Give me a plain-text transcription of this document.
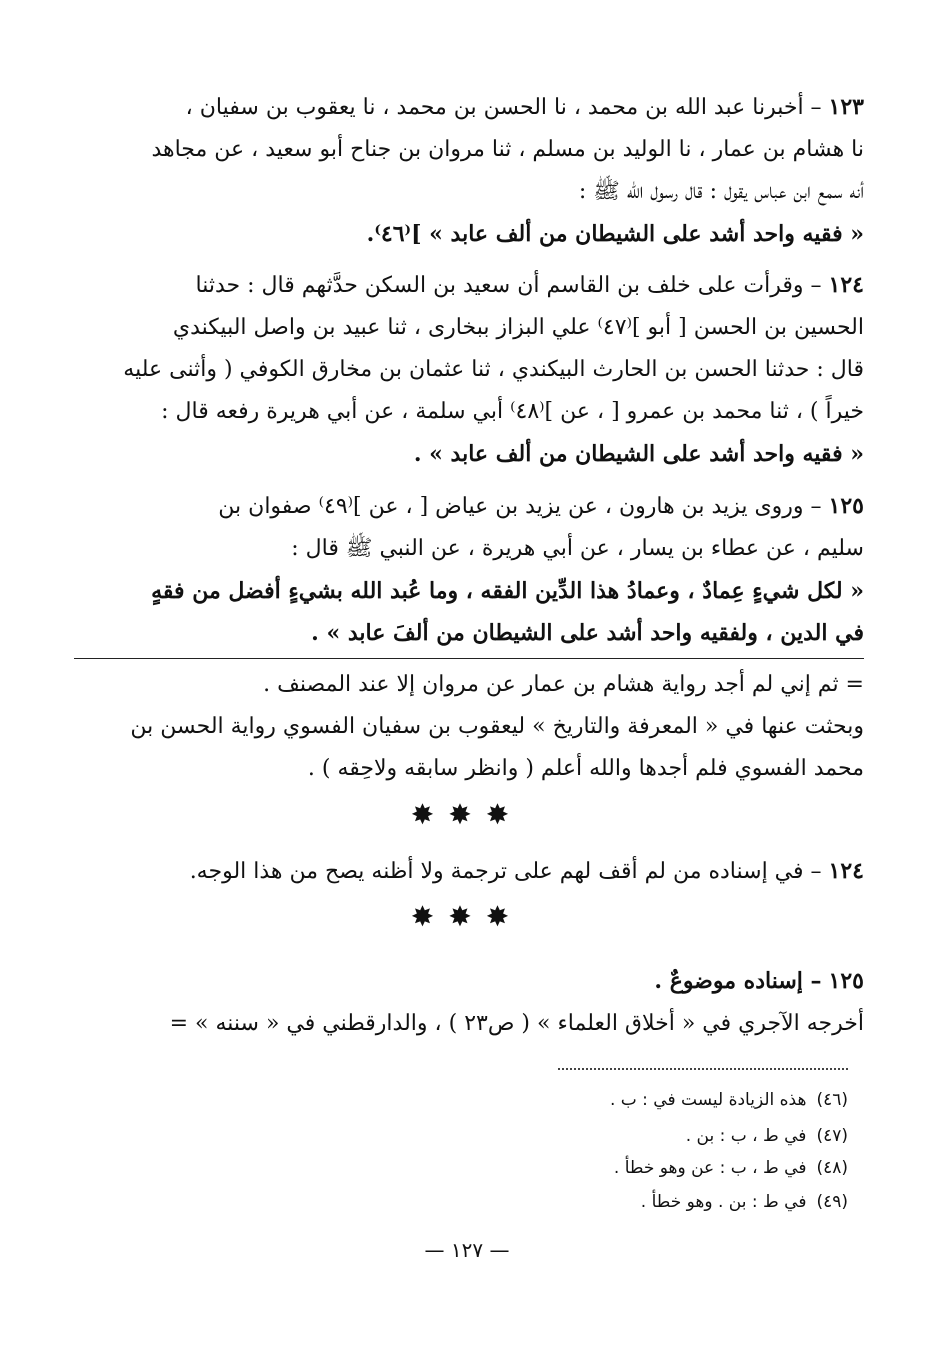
١٢٣ – أخبرنا عبد الله بن محمد ، نا الحسن بن محمد ، نا يعقوب بن سفيان ،
نا هشام بن عمار ، نا الوليد بن مسلم ، ثنا مروان بن جناح أبو سعيد ، عن مجاهد
أنه سمع ابن عباس يقول : قال رسول الله ﷺ :
« فقيه واحد أشد على الشيطان من ألف عابد » ]⁽٤٦⁾.
١٢٤ – وقرأت على خلف بن القاسم أن سعيد بن السكن حدَّثهم قال : حدثنا
الحسين بن الحسن [ أبو ]⁽٤٧⁾ علي البزاز ببخارى ، ثنا عبيد بن واصل البيكندي
قال : حدثنا الحسن بن الحارث البيكندي ، ثنا عثمان بن مخارق الكوفي ( وأثنى عليه
خيراً ) ، ثنا محمد بن عمرو [ ، عن ]⁽٤٨⁾ أبي سلمة ، عن أبي هريرة رفعه قال :
« فقيه واحد أشد على الشيطان من ألف عابد » .
١٢٥ – وروى يزيد بن هارون ، عن يزيد بن عياض [ ، عن ]⁽٤٩⁾ صفوان بن
سليم ، عن عطاء بن يسار ، عن أبي هريرة ، عن النبي ﷺ قال :
« لكل شيءٍ عِمادٌ ، وعمادُ هذا الدِّين الفقه ، وما عُبد الله بشيءٍ أفضل من فقهٍ
في الدين ، ولفقيه واحد أشد على الشيطان من ألفَ عابد » .
= ثم إني لم أجد رواية هشام بن عمار عن مروان إلا عند المصنف .
وبحثت عنها في « المعرفة والتاريخ » ليعقوب بن سفيان الفسوي رواية الحسن بن
محمد الفسوي فلم أجدها والله أعلم ( وانظر سابقه ولاحِقه ) .
✸✸✸
١٢٤ – في إسناده من لم أقف لهم على ترجمة ولا أظنه يصح من هذا الوجه.
✸✸✸
١٢٥ – إسناده موضوعٌ .
أخرجه الآجري في « أخلاق العلماء » ( ص٢٣ ) ، والدارقطني في « سننه » =
(٤٦)هذه الزيادة ليست في : ب .
(٤٧)في ط ، ب : بن .
(٤٨)في ط ، ب : عن وهو خطأ .
(٤٩)في ط : بن . وهو خطأ .
— ١٢٧ —
